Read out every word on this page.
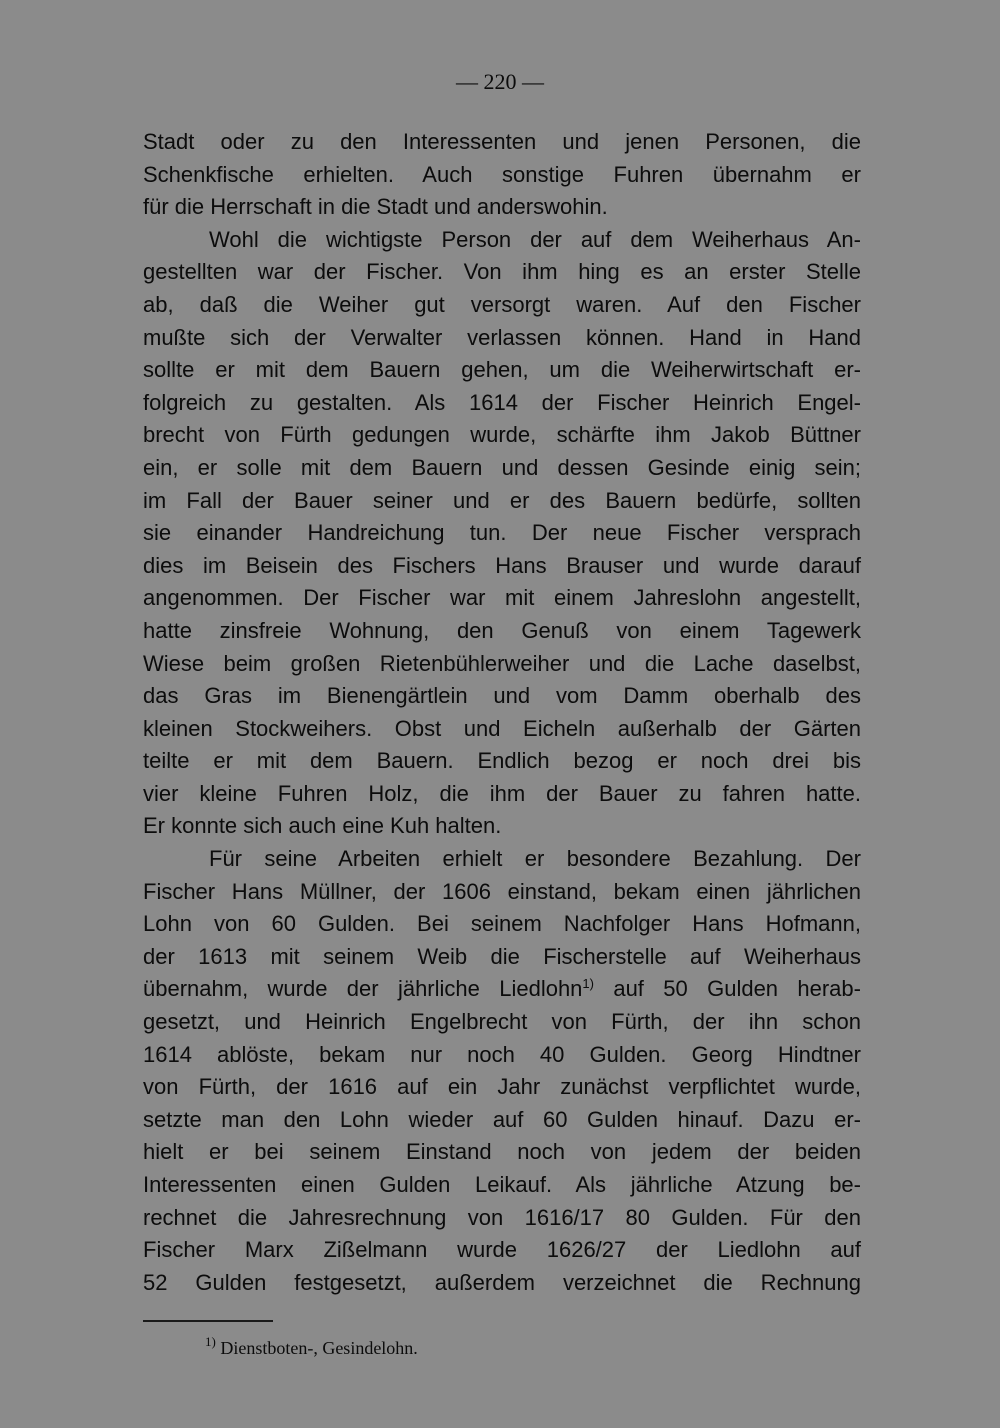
— 220 —
Stadt oder zu den Interessenten und jenen Personen, die
Schenkfische erhielten. Auch sonstige Fuhren übernahm er
für die Herrschaft in die Stadt und anderswohin.
Wohl die wichtigste Person der auf dem Weiherhaus An-
gestellten war der Fischer. Von ihm hing es an erster Stelle
ab, daß die Weiher gut versorgt waren. Auf den Fischer
mußte sich der Verwalter verlassen können. Hand in Hand
sollte er mit dem Bauern gehen, um die Weiherwirtschaft er-
folgreich zu gestalten. Als 1614 der Fischer Heinrich Engel-
brecht von Fürth gedungen wurde, schärfte ihm Jakob Büttner
ein, er solle mit dem Bauern und dessen Gesinde einig sein;
im Fall der Bauer seiner und er des Bauern bedürfe, sollten
sie einander Handreichung tun. Der neue Fischer versprach
dies im Beisein des Fischers Hans Brauser und wurde darauf
angenommen. Der Fischer war mit einem Jahreslohn angestellt,
hatte zinsfreie Wohnung, den Genuß von einem Tagewerk
Wiese beim großen Rietenbühlerweiher und die Lache daselbst,
das Gras im Bienengärtlein und vom Damm oberhalb des
kleinen Stockweihers. Obst und Eicheln außerhalb der Gärten
teilte er mit dem Bauern. Endlich bezog er noch drei bis
vier kleine Fuhren Holz, die ihm der Bauer zu fahren hatte.
Er konnte sich auch eine Kuh halten.
Für seine Arbeiten erhielt er besondere Bezahlung. Der
Fischer Hans Müllner, der 1606 einstand, bekam einen jährlichen
Lohn von 60 Gulden. Bei seinem Nachfolger Hans Hofmann,
der 1613 mit seinem Weib die Fischerstelle auf Weiherhaus
übernahm, wurde der jährliche Liedlohn$^{1)}$ auf 50 Gulden herab-
gesetzt, und Heinrich Engelbrecht von Fürth, der ihn schon
1614 ablöste, bekam nur noch 40 Gulden. Georg Hindtner
von Fürth, der 1616 auf ein Jahr zunächst verpflichtet wurde,
setzte man den Lohn wieder auf 60 Gulden hinauf. Dazu er-
hielt er bei seinem Einstand noch von jedem der beiden
Interessenten einen Gulden Leikauf. Als jährliche Atzung be-
rechnet die Jahresrechnung von 1616/17 80 Gulden. Für den
Fischer Marx Zißelmann wurde 1626/27 der Liedlohn auf
52 Gulden festgesetzt, außerdem verzeichnet die Rechnung
$^{1)}$ Dienstboten-, Gesindelohn.
